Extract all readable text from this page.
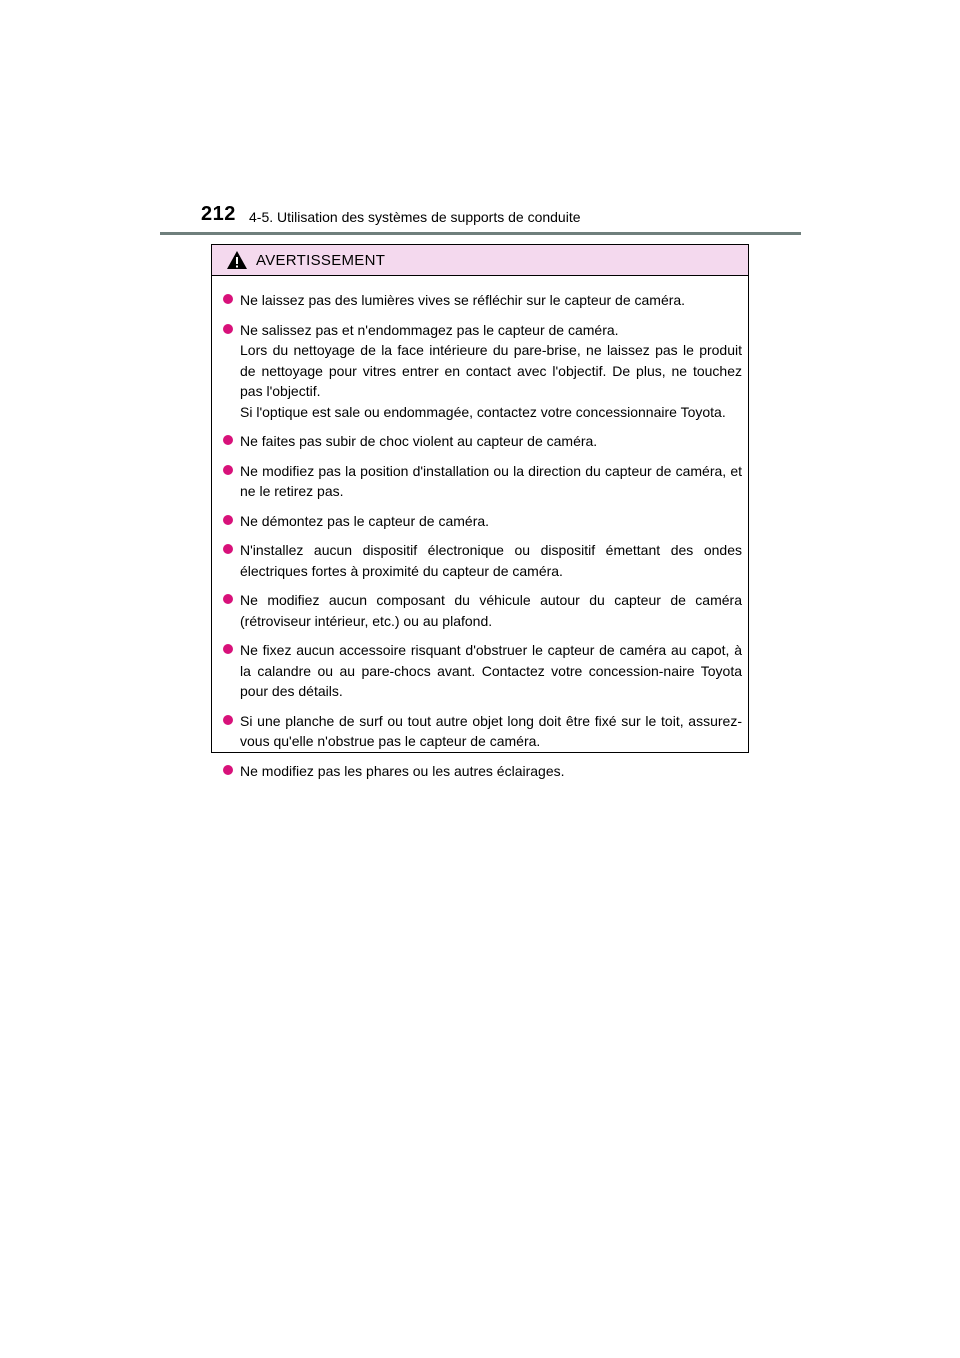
212 4-5. Utilisation des systèmes de supports de conduite
AVERTISSEMENT

Ne laissez pas des lumières vives se réfléchir sur le capteur de caméra.

Ne salissez pas et n'endommagez pas le capteur de caméra.

Lors du nettoyage de la face intérieure du pare-brise, ne laissez pas le produit de nettoyage pour vitres entrer en contact avec l'objectif. De plus, ne touchez pas l'objectif.

Si l'optique est sale ou endommagée, contactez votre concessionnaire Toyota.

Ne faites pas subir de choc violent au capteur de caméra.

Ne modifiez pas la position d'installation ou la direction du capteur de caméra, et ne le retirez pas.

Ne démontez pas le capteur de caméra.

N'installez aucun dispositif électronique ou dispositif émettant des ondes électriques fortes à proximité du capteur de caméra.

Ne modifiez aucun composant du véhicule autour du capteur de caméra (rétroviseur intérieur, etc.) ou au plafond.

Ne fixez aucun accessoire risquant d'obstruer le capteur de caméra au capot, à la calandre ou au pare-chocs avant. Contactez votre concession-naire Toyota pour des détails.

Si une planche de surf ou tout autre objet long doit être fixé sur le toit, assurez-vous qu'elle n'obstrue pas le capteur de caméra.

Ne modifiez pas les phares ou les autres éclairages.
